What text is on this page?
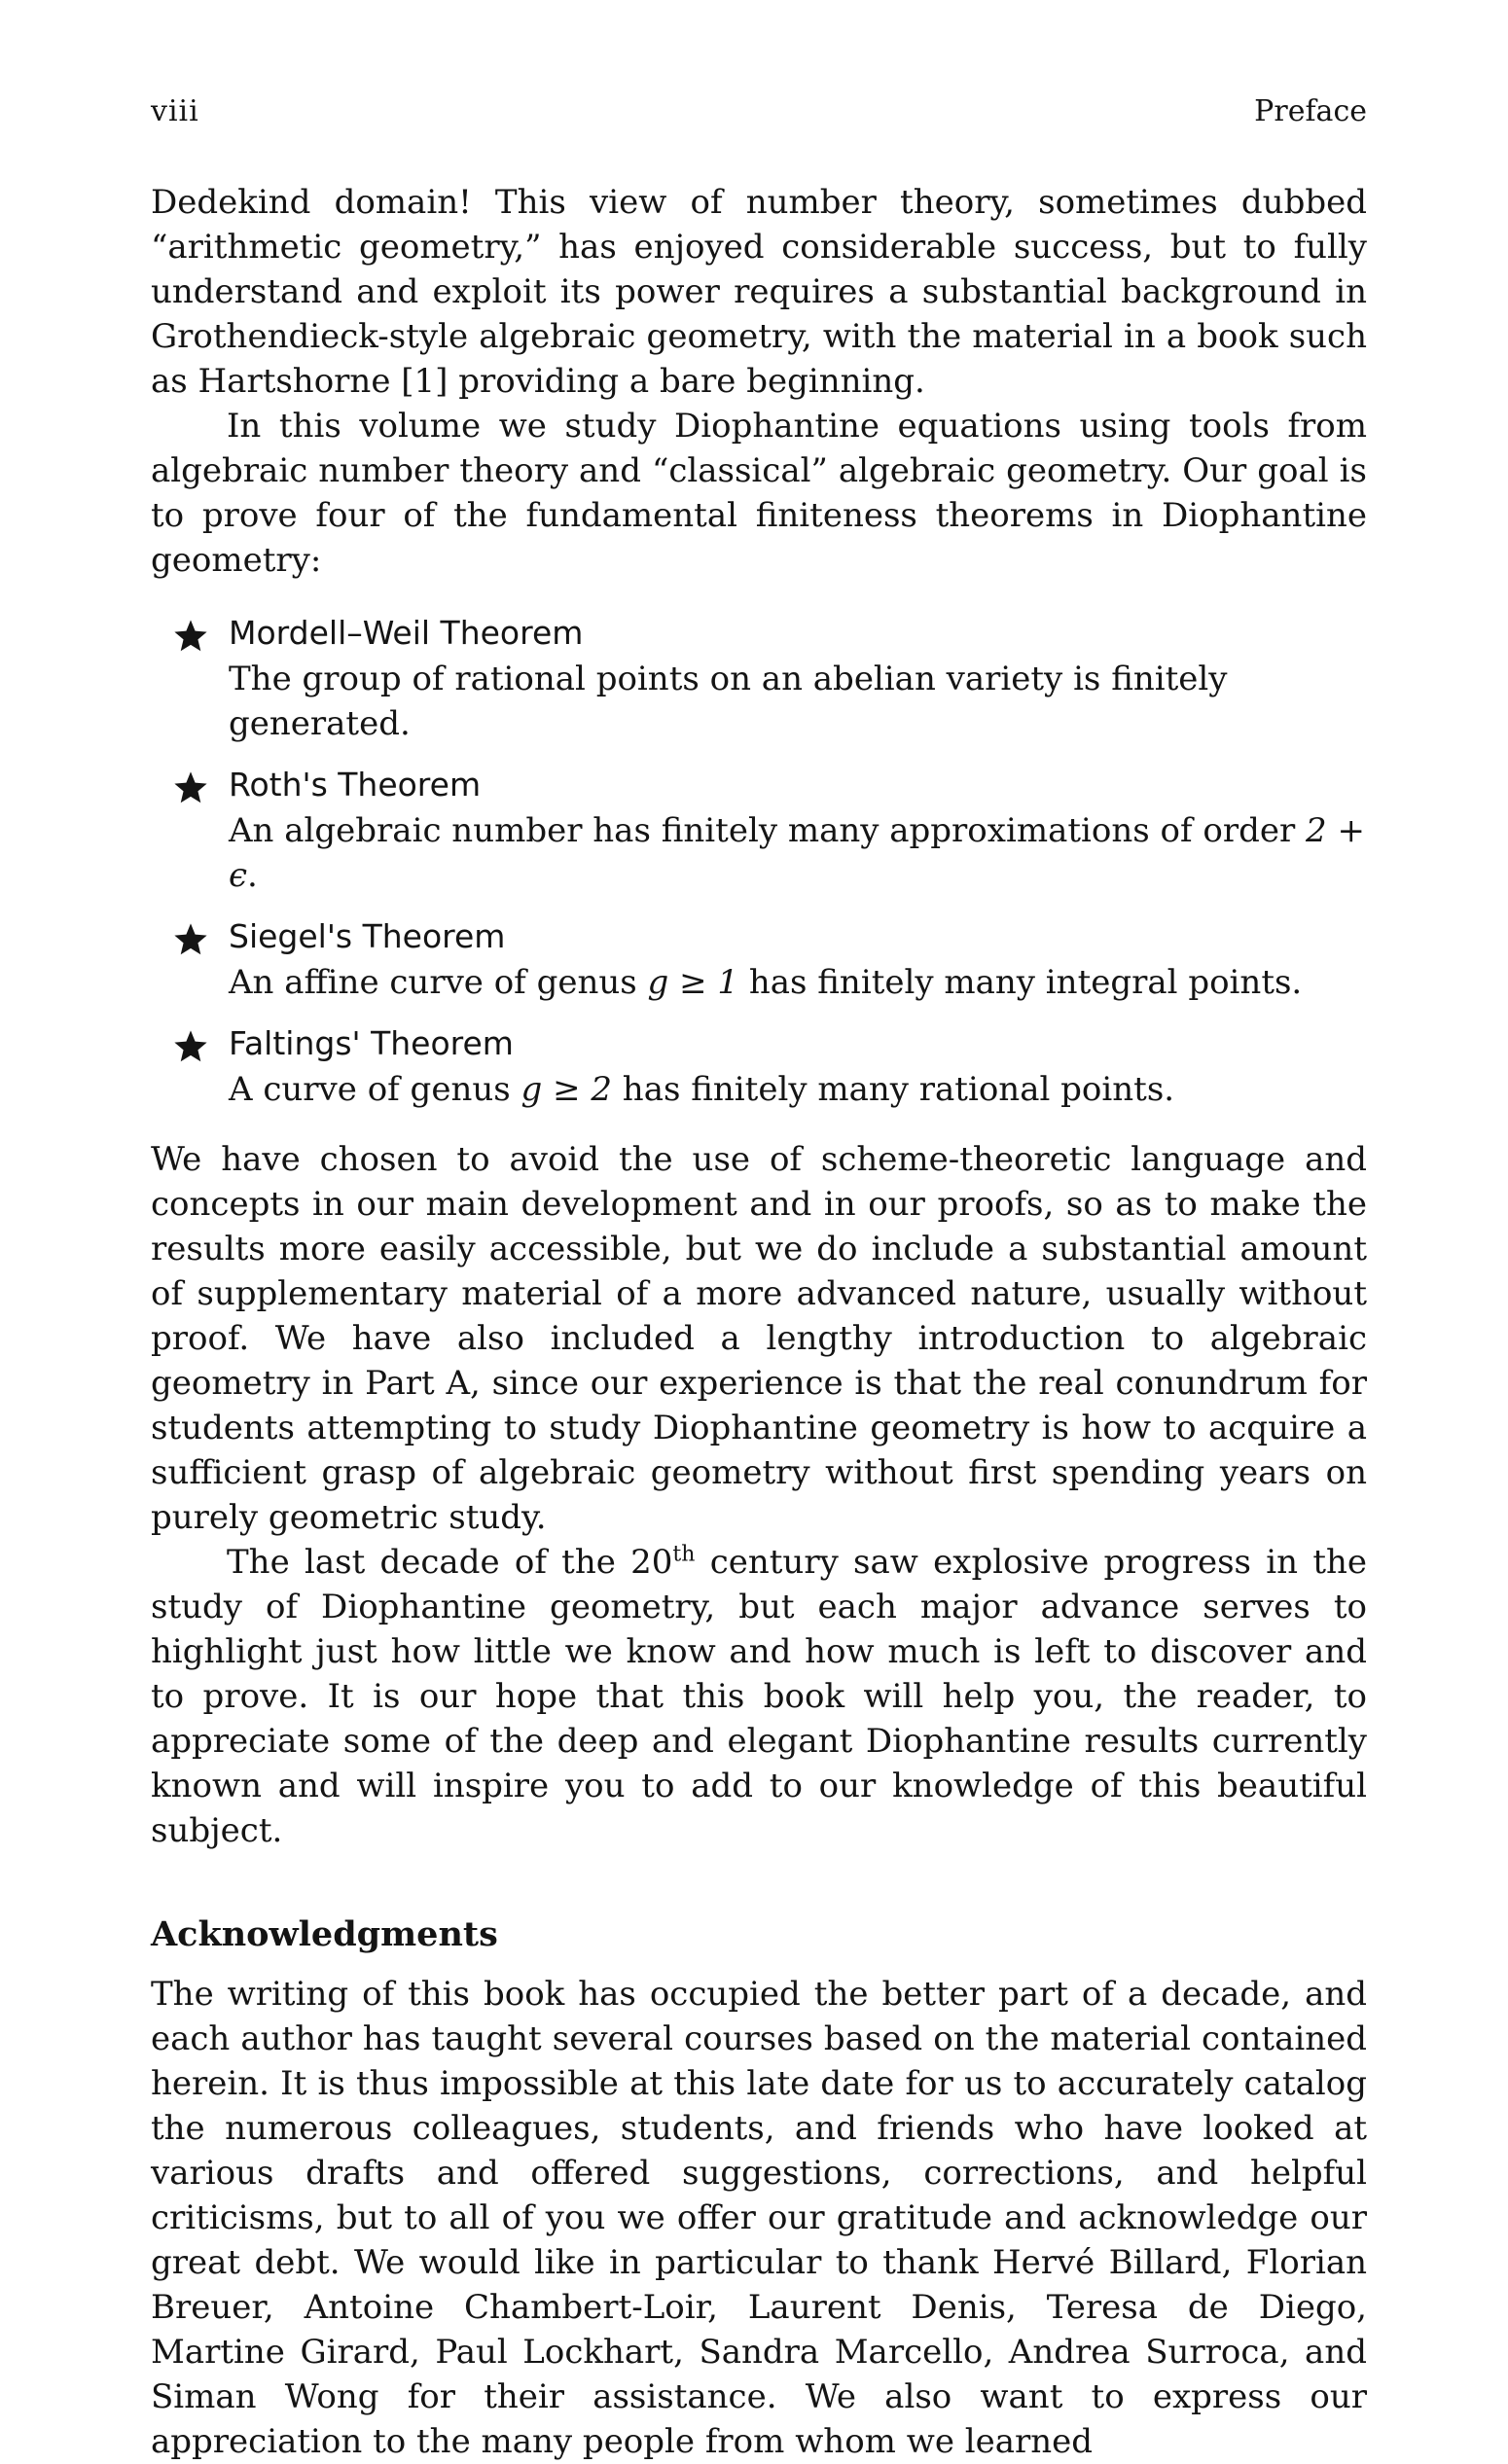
viii	Preface

Dedekind domain! This view of number theory, sometimes dubbed “arithmetic geometry,” has enjoyed considerable success, but to fully understand and exploit its power requires a substantial background in Grothendieck-style algebraic geometry, with the material in a book such as Hartshorne [1] providing a bare beginning.

In this volume we study Diophantine equations using tools from algebraic number theory and “classical” algebraic geometry. Our goal is to prove four of the fundamental finiteness theorems in Diophantine geometry:

Mordell–Weil Theorem
The group of rational points on an abelian variety is finitely generated.
Roth's Theorem
An algebraic number has finitely many approximations of order 2 + ϵ.
Siegel's Theorem
An affine curve of genus g ≥ 1 has finitely many integral points.
Faltings' Theorem
A curve of genus g ≥ 2 has finitely many rational points.

We have chosen to avoid the use of scheme-theoretic language and concepts in our main development and in our proofs, so as to make the results more easily accessible, but we do include a substantial amount of supplementary material of a more advanced nature, usually without proof. We have also included a lengthy introduction to algebraic geometry in Part A, since our experience is that the real conundrum for students attempting to study Diophantine geometry is how to acquire a sufficient grasp of algebraic geometry without first spending years on purely geometric study.

The last decade of the 20th century saw explosive progress in the study of Diophantine geometry, but each major advance serves to highlight just how little we know and how much is left to discover and to prove. It is our hope that this book will help you, the reader, to appreciate some of the deep and elegant Diophantine results currently known and will inspire you to add to our knowledge of this beautiful subject.

Acknowledgments

The writing of this book has occupied the better part of a decade, and each author has taught several courses based on the material contained herein. It is thus impossible at this late date for us to accurately catalog the numerous colleagues, students, and friends who have looked at various drafts and offered suggestions, corrections, and helpful criticisms, but to all of you we offer our gratitude and acknowledge our great debt. We would like in particular to thank Hervé Billard, Florian Breuer, Antoine Chambert-Loir, Laurent Denis, Teresa de Diego, Martine Girard, Paul Lockhart, Sandra Marcello, Andrea Surroca, and Siman Wong for their assistance. We also want to express our appreciation to the many people from whom we learned
